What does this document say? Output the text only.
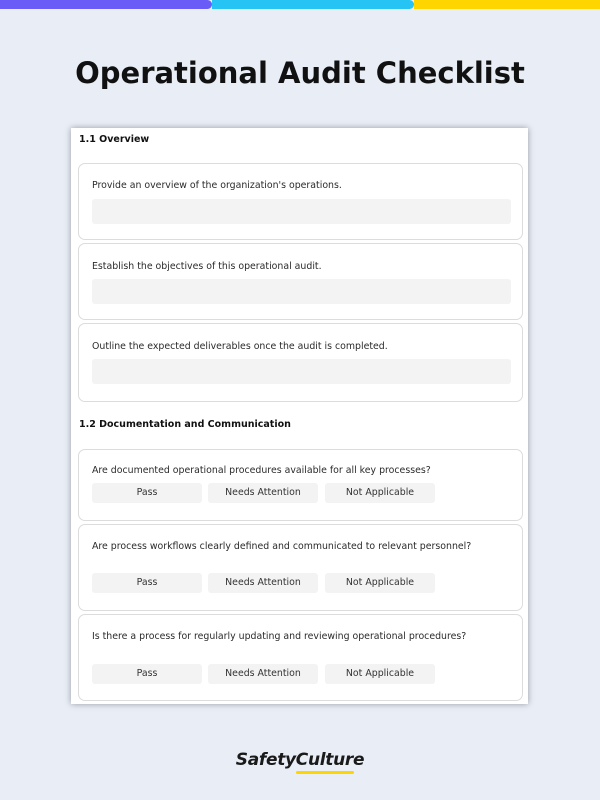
Operational Audit Checklist
1.1 Overview
Provide an overview of the organization's operations.
Establish the objectives of this operational audit.
Outline the expected deliverables once the audit is completed.
1.2 Documentation and Communication
Are documented operational procedures available for all key processes?
Pass	Needs Attention	Not Applicable
Are process workflows clearly defined and communicated to relevant personnel?
Pass	Needs Attention	Not Applicable
Is there a process for regularly updating and reviewing operational procedures?
Pass	Needs Attention	Not Applicable
SafetyCulture
